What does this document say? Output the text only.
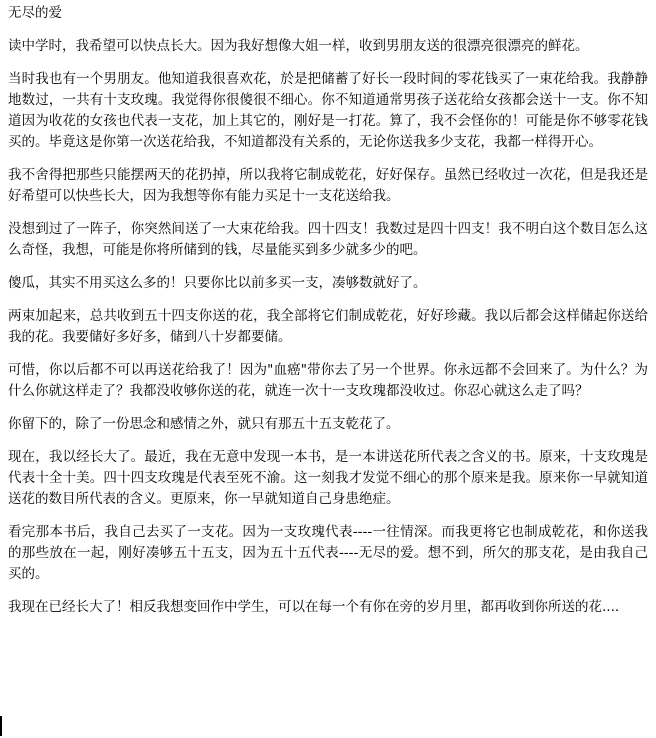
无尽的爱

读中学时，我希望可以快点长大。因为我好想像大姐一样，收到男朋友送的很漂亮很漂亮的鲜花。

当时我也有一个男朋友。他知道我很喜欢花，於是把储蓄了好长一段时间的零花钱买了一束花给我。我静静地数过，一共有十支玫瑰。我觉得你很傻很不细心。你不知道通常男孩子送花给女孩都会送十一支。你不知道因为收花的女孩也代表一支花，加上其它的，刚好是一打花。算了，我不会怪你的！可能是你不够零花钱买的。毕竟这是你第一次送花给我，不知道都没有关系的，无论你送我多少支花，我都一样得开心。

我不舍得把那些只能摆两天的花扔掉，所以我将它制成乾花，好好保存。虽然已经收过一次花，但是我还是好希望可以快些长大，因为我想等你有能力买足十一支花送给我。

没想到过了一阵子，你突然间送了一大束花给我。四十四支！我数过是四十四支！我不明白这个数目怎么这么奇怪，我想，可能是你将所储到的钱，尽量能买到多少就多少的吧。

傻瓜，其实不用买这么多的！只要你比以前多买一支，凑够数就好了。

两束加起来，总共收到五十四支你送的花，我全部将它们制成乾花，好好珍藏。我以后都会这样储起你送给我的花。我要储好多好多，储到八十岁都要储。

可惜，你以后都不可以再送花给我了！因为"血癌"带你去了另一个世界。你永远都不会回来了。为什么？为什么你就这样走了？我都没收够你送的花，就连一次十一支玫瑰都没收过。你忍心就这么走了吗？

你留下的，除了一份思念和感情之外，就只有那五十五支乾花了。

现在，我以经长大了。最近，我在无意中发现一本书，是一本讲送花所代表之含义的书。原来，十支玫瑰是代表十全十美。四十四支玫瑰是代表至死不渝。这一刻我才发觉不细心的那个原来是我。原来你一早就知道送花的数目所代表的含义。更原来，你一早就知道自己身患绝症。

看完那本书后，我自己去买了一支花。因为一支玫瑰代表----一往情深。而我更将它也制成乾花，和你送我的那些放在一起，刚好凑够五十五支，因为五十五代表----无尽的爱。想不到，所欠的那支花，是由我自己买的。

我现在已经长大了！相反我想变回作中学生，可以在每一个有你在旁的岁月里，都再收到你所送的花....
